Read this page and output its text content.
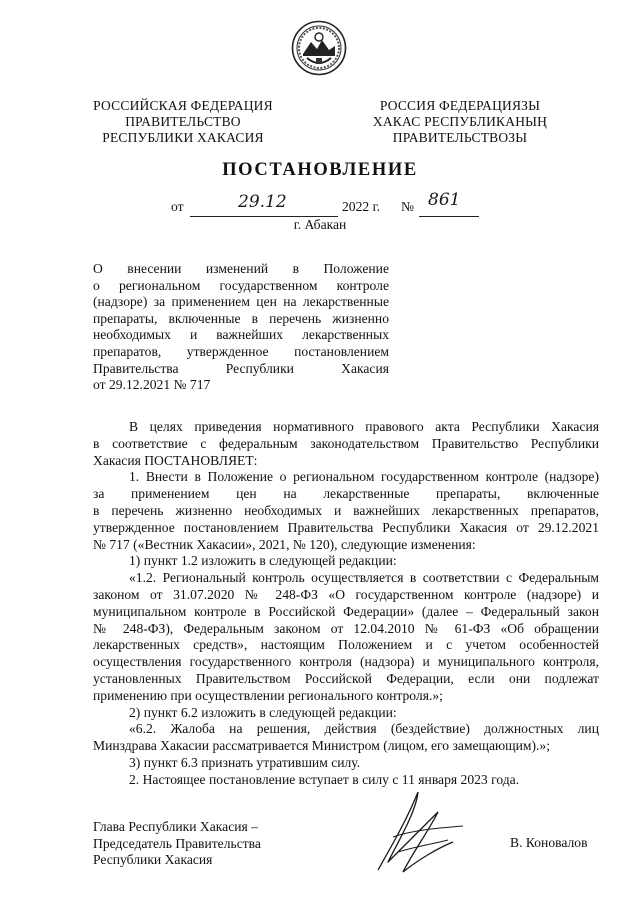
РОССИЙСКАЯ ФЕДЕРАЦИЯ
ПРАВИТЕЛЬСТВО
РЕСПУБЛИКИ ХАКАСИЯ
РОССИЯ ФЕДЕРАЦИЯЗЫ
ХАКАС РЕСПУБЛИКАНЫҢ
ПРАВИТЕЛЬСТВОЗЫ
ПОСТАНОВЛЕНИЕ
от	29.12	2022 г. № 861
г. Абакан
О внесении изменений в Положение
о региональном государственном контроле
(надзоре) за применением цен на лекарственные
препараты, включенные в перечень жизненно
необходимых и важнейших лекарственных
препаратов, утвержденное постановлением
Правительства Республики Хакасия
от 29.12.2021 № 717
В целях приведения нормативного правового акта Республики Хакасия
в соответствие с федеральным законодательством Правительство Республики
Хакасия ПОСТАНОВЛЯЕТ:
1. Внести в Положение о региональном государственном контроле (надзоре)
за применением цен на лекарственные препараты, включенные
в перечень жизненно необходимых и важнейших лекарственных препаратов,
утвержденное постановлением Правительства Республики Хакасия от 29.12.2021
№ 717 («Вестник Хакасии», 2021, № 120), следующие изменения:
1) пункт 1.2 изложить в следующей редакции:
«1.2. Региональный контроль осуществляется в соответствии с Федеральным
законом от 31.07.2020 № 248-ФЗ «О государственном контроле (надзоре) и
муниципальном контроле в Российской Федерации» (далее – Федеральный закон
№ 248-ФЗ), Федеральным законом от 12.04.2010 № 61-ФЗ «Об обращении
лекарственных средств», настоящим Положением и с учетом особенностей
осуществления государственного контроля (надзора) и муниципального контроля,
установленных Правительством Российской Федерации, если они подлежат
применению при осуществлении регионального контроля.»;
2) пункт 6.2 изложить в следующей редакции:
«6.2. Жалоба на решения, действия (бездействие) должностных лиц
Минздрава Хакасии рассматривается Министром (лицом, его замещающим).»;
3) пункт 6.3 признать утратившим силу.
2. Настоящее постановление вступает в силу с 11 января 2023 года.
Глава Республики Хакасия –
Председатель Правительства
Республики Хакасия
В. Коновалов
